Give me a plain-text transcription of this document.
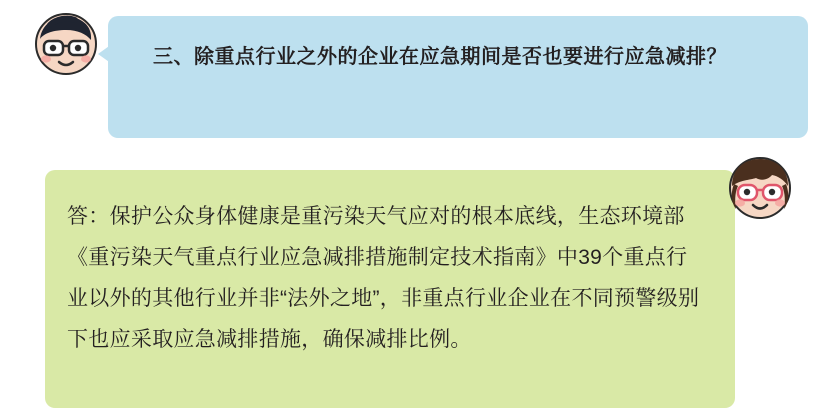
三、除重点行业之外的企业在应急期间是否也要进行应急减排？
答：保护公众身体健康是重污染天气应对的根本底线，生态环境部《重污染天气重点行业应急减排措施制定技术指南》中39个重点行业以外的其他行业并非“法外之地”，非重点行业企业在不同预警级别下也应采取应急减排措施，确保减排比例。
